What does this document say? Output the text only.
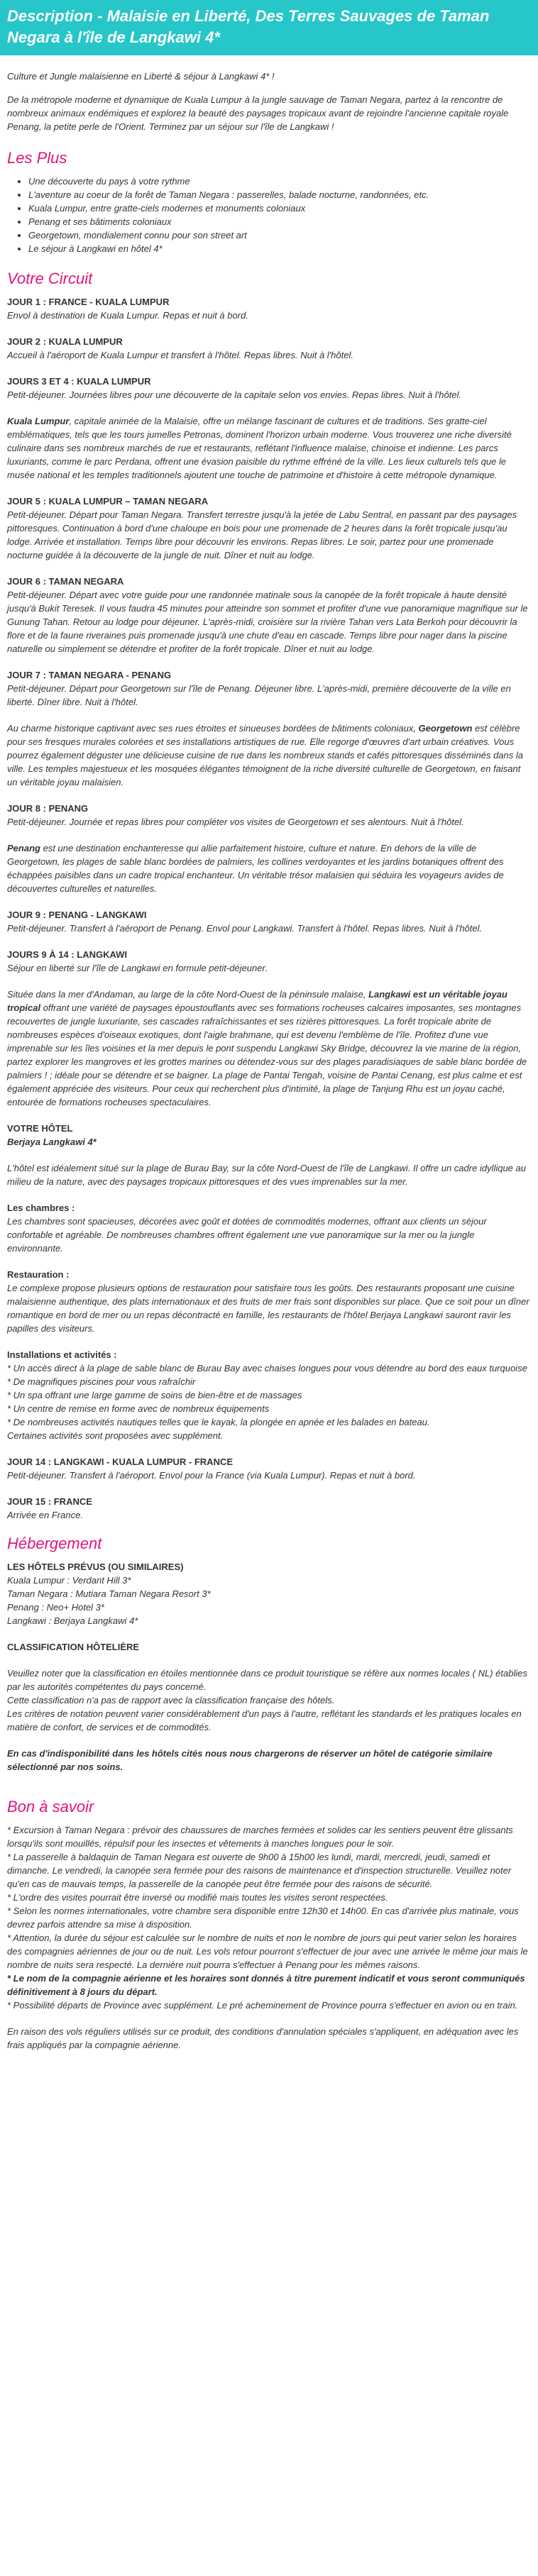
Description - Malaisie en Liberté, Des Terres Sauvages de Taman Negara à l'île de Langkawi 4*

Culture et Jungle malaisienne en Liberté & séjour à Langkawi 4* !

De la métropole moderne et dynamique de Kuala Lumpur à la jungle sauvage de Taman Negara, partez à la rencontre de nombreux animaux endémiques et explorez la beauté des paysages tropicaux avant de rejoindre l'ancienne capitale royale Penang, la petite perle de l'Orient. Terminez par un séjour sur l'île de Langkawi !

Les Plus
• Une découverte du pays à votre rythme
• L'aventure au coeur de la forêt de Taman Negara : passerelles, balade nocturne, randonnées, etc.
• Kuala Lumpur, entre gratte-ciels modernes et monuments coloniaux
• Penang et ses bâtiments coloniaux
• Georgetown, mondialement connu pour son street art
• Le séjour à Langkawi en hôtel 4*
Votre Circuit

JOUR 1 : FRANCE - KUALA LUMPUR

Envol à destination de Kuala Lumpur. Repas et nuit à bord.

JOUR 2 : KUALA LUMPUR

Accueil à l'aéroport de Kuala Lumpur et transfert à l'hôtel. Repas libres. Nuit à l'hôtel.

JOURS 3 ET 4 : KUALA LUMPUR

Petit-déjeuner. Journées libres pour une découverte de la capitale selon vos envies. Repas libres. Nuit à l'hôtel.

Kuala Lumpur, capitale animée de la Malaisie, offre un mélange fascinant de cultures et de traditions. Ses gratte-ciel emblématiques, tels que les tours jumelles Petronas, dominent l'horizon urbain moderne. Vous trouverez une riche diversité culinaire dans ses nombreux marchés de rue et restaurants, reflétant l'influence malaise, chinoise et indienne. Les parcs luxuriants, comme le parc Perdana, offrent une évasion paisible du rythme effréné de la ville. Les lieux culturels tels que le musée national et les temples traditionnels ajoutent une touche de patrimoine et d'histoire à cette métropole dynamique.

JOUR 5 : KUALA LUMPUR – TAMAN NEGARA

Petit-déjeuner. Départ pour Taman Negara. Transfert terrestre jusqu'à la jetée de Labu Sentral, en passant par des paysages pittoresques. Continuation à bord d'une chaloupe en bois pour une promenade de 2 heures dans la forêt tropicale jusqu'au lodge. Arrivée et installation. Temps libre pour découvrir les environs. Repas libres. Le soir, partez pour une promenade nocturne guidée à la découverte de la jungle de nuit. Dîner et nuit au lodge.

JOUR 6 : TAMAN NEGARA

Petit-déjeuner. Départ avec votre guide pour une randonnée matinale sous la canopée de la forêt tropicale à haute densité jusqu'à Bukit Teresek. Il vous faudra 45 minutes pour atteindre son sommet et profiter d'une vue panoramique magnifique sur le Gunung Tahan. Retour au lodge pour déjeuner. L'après-midi, croisière sur la rivière Tahan vers Lata Berkoh pour découvrir la flore et de la faune riveraines puis promenade jusqu'à une chute d'eau en cascade. Temps libre pour nager dans la piscine naturelle ou simplement se détendre et profiter de la forêt tropicale. Dîner et nuit au lodge.

JOUR 7 : TAMAN NEGARA - PENANG

Petit-déjeuner. Départ pour Georgetown sur l'île de Penang. Déjeuner libre. L'après-midi, première découverte de la ville en liberté. Dîner libre. Nuit à l'hôtel.

Au charme historique captivant avec ses rues étroites et sinueuses bordées de bâtiments coloniaux, Georgetown est célèbre pour ses fresques murales colorées et ses installations artistiques de rue. Elle regorge d'œuvres d'art urbain créatives. Vous pourrez également déguster une délicieuse cuisine de rue dans les nombreux stands et cafés pittoresques disséminés dans la ville. Les temples majestueux et les mosquées élégantes témoignent de la riche diversité culturelle de Georgetown, en faisant un véritable joyau malaisien.

JOUR 8 : PENANG

Petit-déjeuner. Journée et repas libres pour compléter vos visites de Georgetown et ses alentours. Nuit à l'hôtel.

Penang est une destination enchanteresse qui allie parfaitement histoire, culture et nature. En dehors de la ville de Georgetown, les plages de sable blanc bordées de palmiers, les collines verdoyantes et les jardins botaniques offrent des échappées paisibles dans un cadre tropical enchanteur. Un véritable trésor malaisien qui séduira les voyageurs avides de découvertes culturelles et naturelles.

JOUR 9 : PENANG - LANGKAWI

Petit-déjeuner. Transfert à l'aéroport de Penang. Envol pour Langkawi. Transfert à l'hôtel. Repas libres. Nuit à l'hôtel.

JOURS 9 À 14 : LANGKAWI

Séjour en liberté sur l'île de Langkawi en formule petit-déjeuner.

Située dans la mer d'Andaman, au large de la côte Nord-Ouest de la péninsule malaise, Langkawi est un véritable joyau tropical offrant une variété de paysages époustouflants avec ses formations rocheuses calcaires imposantes, ses montagnes recouvertes de jungle luxuriante, ses cascades rafraîchissantes et ses rizières pittoresques. La forêt tropicale abrite de nombreuses espèces d'oiseaux exotiques, dont l'aigle brahmane, qui est devenu l'emblème de l'île. Profitez d'une vue imprenable sur les îles voisines et la mer depuis le pont suspendu Langkawi Sky Bridge, découvrez la vie marine de la région, partez explorer les mangroves et les grottes marines ou détendez-vous sur des plages paradisiaques de sable blanc bordée de palmiers ! ; idéale pour se détendre et se baigner. La plage de Pantai Tengah, voisine de Pantai Cenang, est plus calme et est également appréciée des visiteurs. Pour ceux qui recherchent plus d'intimité, la plage de Tanjung Rhu est un joyau caché, entourée de formations rocheuses spectaculaires.

VOTRE HÔTEL

Berjaya Langkawi 4*

L'hôtel est idéalement situé sur la plage de Burau Bay, sur la côte Nord-Ouest de l'île de Langkawi. Il offre un cadre idyllique au milieu de la nature, avec des paysages tropicaux pittoresques et des vues imprenables sur la mer.

Les chambres :

Les chambres sont spacieuses, décorées avec goût et dotées de commodités modernes, offrant aux clients un séjour confortable et agréable. De nombreuses chambres offrent également une vue panoramique sur la mer ou la jungle environnante.

Restauration :

Le complexe propose plusieurs options de restauration pour satisfaire tous les goûts. Des restaurants proposant une cuisine malaisienne authentique, des plats internationaux et des fruits de mer frais sont disponibles sur place. Que ce soit pour un dîner romantique en bord de mer ou un repas décontracté en famille, les restaurants de l'hôtel Berjaya Langkawi sauront ravir les papilles des visiteurs.

Installations et activités :

* Un accès direct à la plage de sable blanc de Burau Bay avec chaises longues pour vous détendre au bord des eaux turquoise

* De magnifiques piscines pour vous rafraîchir

* Un spa offrant une large gamme de soins de bien-être et de massages

* Un centre de remise en forme avec de nombreux équipements

* De nombreuses activités nautiques telles que le kayak, la plongée en apnée et les balades en bateau.

Certaines activités sont proposées avec supplément.

JOUR 14 : LANGKAWI - KUALA LUMPUR - FRANCE

Petit-déjeuner. Transfert à l'aéroport. Envol pour la France (via Kuala Lumpur). Repas et nuit à bord.

JOUR 15 : FRANCE

Arrivée en France.

Hébergement

LES HÔTELS PRÉVUS (OU SIMILAIRES)

Kuala Lumpur : Verdant Hill 3*

Taman Negara : Mutiara Taman Negara Resort 3*

Penang : Neo+ Hotel 3*

Langkawi : Berjaya Langkawi 4*

CLASSIFICATION HÔTELIÈRE

Veuillez noter que la classification en étoiles mentionnée dans ce produit touristique se réfère aux normes locales ( NL) établies par les autorités compétentes du pays concerné.

Cette classification n'a pas de rapport avec la classification française des hôtels.

Les critères de notation peuvent varier considérablement d'un pays à l'autre, reflétant les standards et les pratiques locales en matière de confort, de services et de commodités.

En cas d'indisponibilité dans les hôtels cités nous nous chargerons de réserver un hôtel de catégorie similaire sélectionné par nos soins.

Bon à savoir

* Excursion à Taman Negara : prévoir des chaussures de marches fermées et solides car les sentiers peuvent être glissants lorsqu'ils sont mouillés, répulsif pour les insectes et vêtements à manches longues pour le soir.

* La passerelle à baldaquin de Taman Negara est ouverte de 9h00 à 15h00 les lundi, mardi, mercredi, jeudi, samedi et dimanche. Le vendredi, la canopée sera fermée pour des raisons de maintenance et d'inspection structurelle. Veuillez noter qu'en cas de mauvais temps, la passerelle de la canopée peut être fermée pour des raisons de sécurité.

* L'ordre des visites pourrait être inversé ou modifié mais toutes les visites seront respectées.

* Selon les normes internationales, votre chambre sera disponible entre 12h30 et 14h00. En cas d'arrivée plus matinale, vous devrez parfois attendre sa mise à disposition.

* Attention, la durée du séjour est calculée sur le nombre de nuits et non le nombre de jours qui peut varier selon les horaires des compagnies aériennes de jour ou de nuit. Les vols retour pourront s'effectuer de jour avec une arrivée le même jour mais le nombre de nuits sera respecté. La dernière nuit pourra s'effectuer à Penang pour les mêmes raisons.

* Le nom de la compagnie aérienne et les horaires sont donnés à titre purement indicatif et vous seront communiqués définitivement à 8 jours du départ.

* Possibilité départs de Province avec supplément. Le pré acheminement de Province pourra s'effectuer en avion ou en train.

En raison des vols réguliers utilisés sur ce produit, des conditions d'annulation spéciales s'appliquent, en adéquation avec les frais appliqués par la compagnie aérienne.
